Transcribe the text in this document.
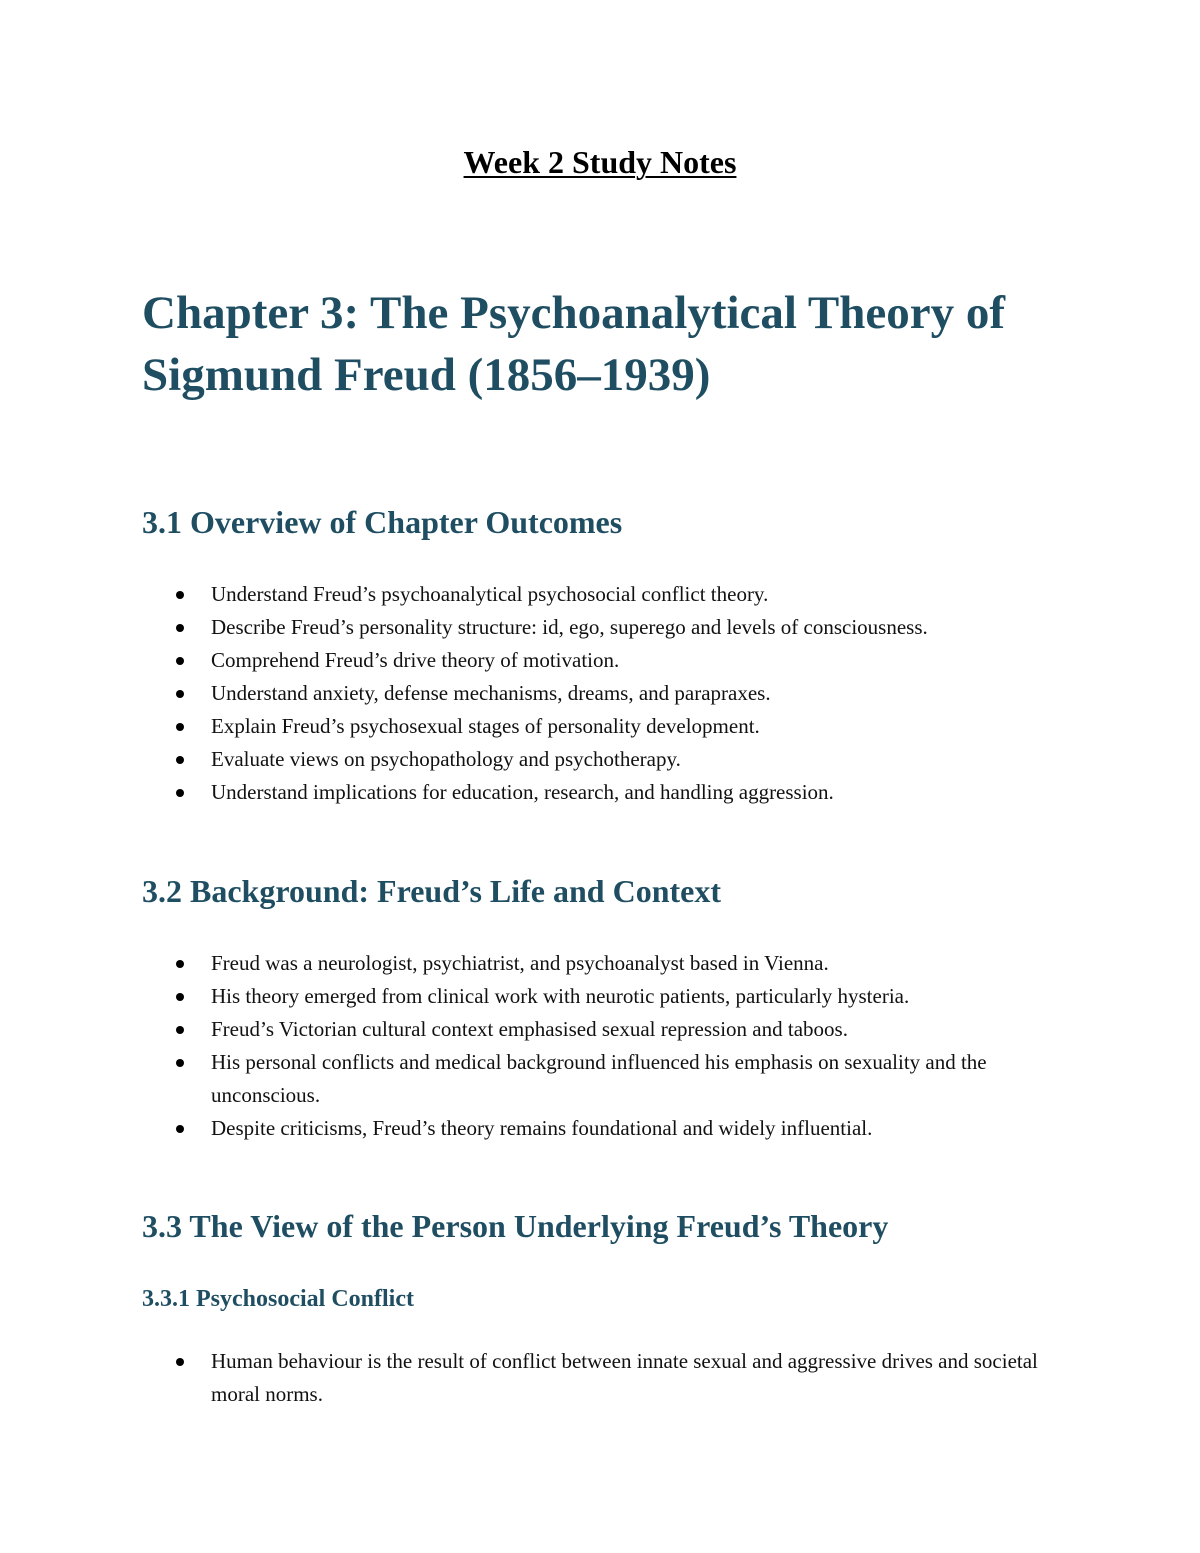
Week 2 Study Notes
Chapter 3: The Psychoanalytical Theory of Sigmund Freud (1856–1939)
3.1 Overview of Chapter Outcomes
Understand Freud’s psychoanalytical psychosocial conflict theory.
Describe Freud’s personality structure: id, ego, superego and levels of consciousness.
Comprehend Freud’s drive theory of motivation.
Understand anxiety, defense mechanisms, dreams, and parapraxes.
Explain Freud’s psychosexual stages of personality development.
Evaluate views on psychopathology and psychotherapy.
Understand implications for education, research, and handling aggression.
3.2 Background: Freud’s Life and Context
Freud was a neurologist, psychiatrist, and psychoanalyst based in Vienna.
His theory emerged from clinical work with neurotic patients, particularly hysteria.
Freud’s Victorian cultural context emphasised sexual repression and taboos.
His personal conflicts and medical background influenced his emphasis on sexuality and the unconscious.
Despite criticisms, Freud’s theory remains foundational and widely influential.
3.3 The View of the Person Underlying Freud’s Theory
3.3.1 Psychosocial Conflict
Human behaviour is the result of conflict between innate sexual and aggressive drives and societal moral norms.
